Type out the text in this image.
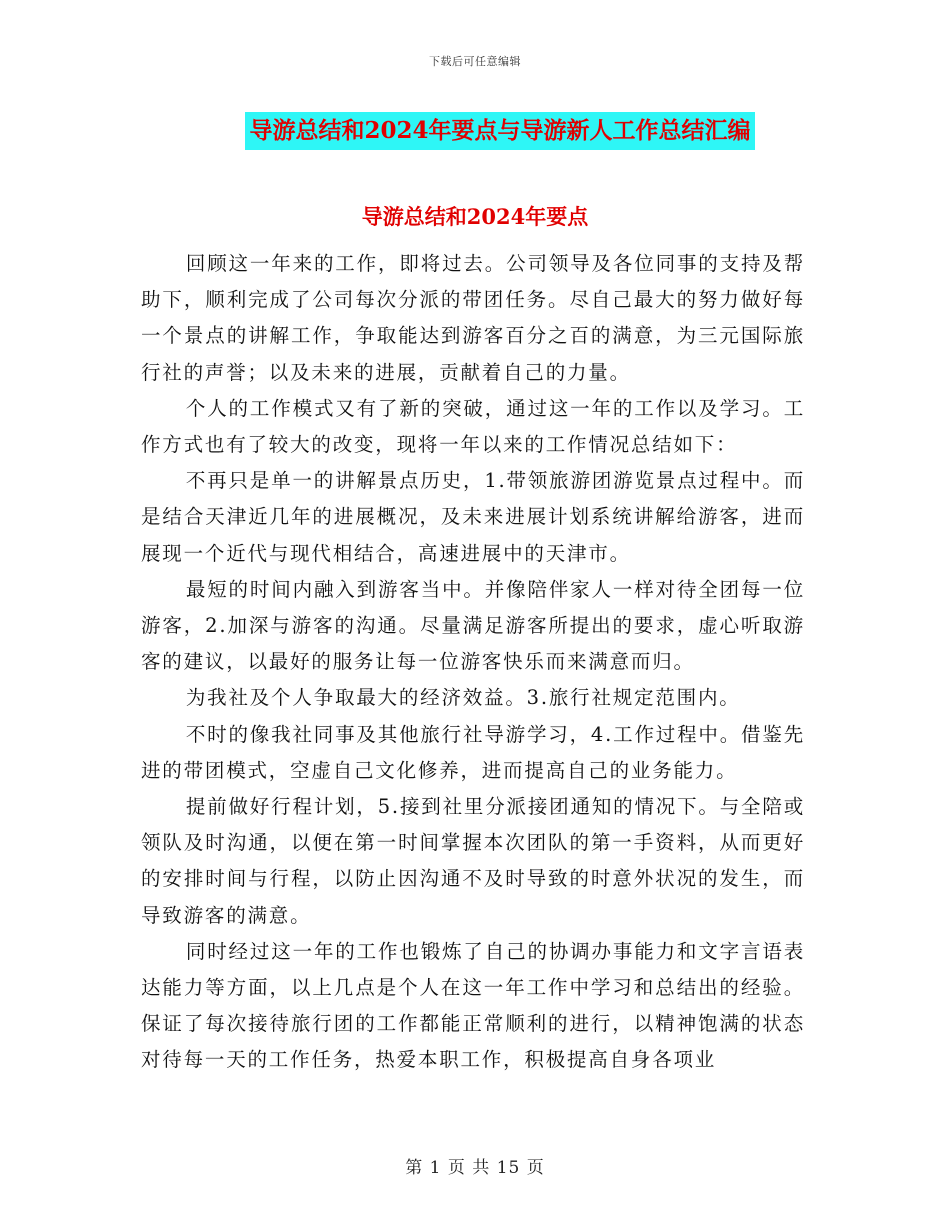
下载后可任意编辑
导游总结和2024年要点与导游新人工作总结汇编
导游总结和2024年要点

回顾这一年来的工作，即将过去。公司领导及各位同事的支持及帮助下，顺利完成了公司每次分派的带团任务。尽自己最大的努力做好每一个景点的讲解工作，争取能达到游客百分之百的满意，为三元国际旅行社的声誉；以及未来的进展，贡献着自己的力量。

个人的工作模式又有了新的突破，通过这一年的工作以及学习。工作方式也有了较大的改变，现将一年以来的工作情况总结如下：

不再只是单一的讲解景点历史，1.带领旅游团游览景点过程中。而是结合天津近几年的进展概况，及未来进展计划系统讲解给游客，进而展现一个近代与现代相结合，高速进展中的天津市。

最短的时间内融入到游客当中。并像陪伴家人一样对待全团每一位游客，2.加深与游客的沟通。尽量满足游客所提出的要求，虚心听取游客的建议，以最好的服务让每一位游客快乐而来满意而归。

为我社及个人争取最大的经济效益。3.旅行社规定范围内。

不时的像我社同事及其他旅行社导游学习，4.工作过程中。借鉴先进的带团模式，空虚自己文化修养，进而提高自己的业务能力。

提前做好行程计划，5.接到社里分派接团通知的情况下。与全陪或领队及时沟通，以便在第一时间掌握本次团队的第一手资料，从而更好的安排时间与行程，以防止因沟通不及时导致的时意外状况的发生，而导致游客的满意。

同时经过这一年的工作也锻炼了自己的协调办事能力和文字言语表达能力等方面，以上几点是个人在这一年工作中学习和总结出的经验。保证了每次接待旅行团的工作都能正常顺利的进行，以精神饱满的状态对待每一天的工作任务，热爱本职工作，积极提高自身各项业

第 1 页 共 15 页
